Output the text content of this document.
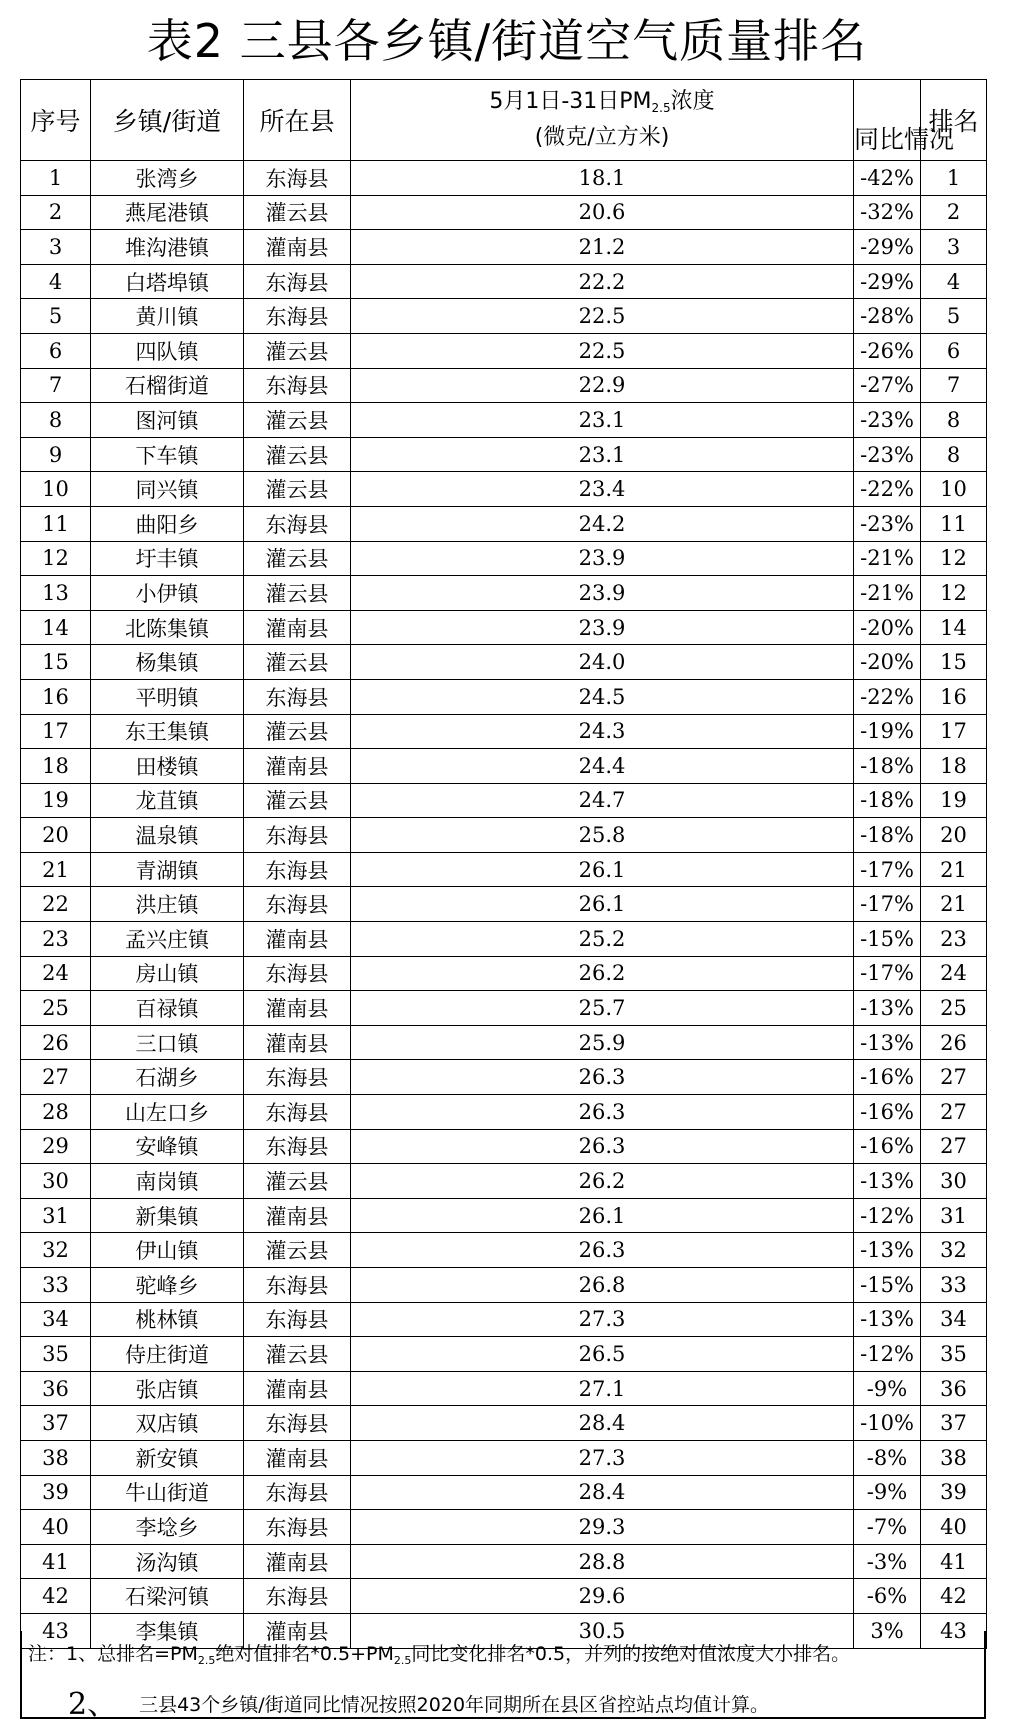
表2 三县各乡镇/街道空气质量排名
序号	乡镇/街道	所在县	5月1日-31日$PM_{2.5}$浓度
(微克/立方米)	同比情况	排名
1	张湾乡	东海县	18.1	-42%	1
2	燕尾港镇	灌云县	20.6	-32%	2
3	堆沟港镇	灌南县	21.2	-29%	3
4	白塔埠镇	东海县	22.2	-29%	4
5	黄川镇	东海县	22.5	-28%	5
6	四队镇	灌云县	22.5	-26%	6
7	石榴街道	东海县	22.9	-27%	7
8	图河镇	灌云县	23.1	-23%	8
9	下车镇	灌云县	23.1	-23%	8
10	同兴镇	灌云县	23.4	-22%	10
11	曲阳乡	东海县	24.2	-23%	11
12	圩丰镇	灌云县	23.9	-21%	12
13	小伊镇	灌云县	23.9	-21%	12
14	北陈集镇	灌南县	23.9	-20%	14
15	杨集镇	灌云县	24.0	-20%	15
16	平明镇	东海县	24.5	-22%	16
17	东王集镇	灌云县	24.3	-19%	17
18	田楼镇	灌南县	24.4	-18%	18
19	龙苴镇	灌云县	24.7	-18%	19
20	温泉镇	东海县	25.8	-18%	20
21	青湖镇	东海县	26.1	-17%	21
22	洪庄镇	东海县	26.1	-17%	21
23	孟兴庄镇	灌南县	25.2	-15%	23
24	房山镇	东海县	26.2	-17%	24
25	百禄镇	灌南县	25.7	-13%	25
26	三口镇	灌南县	25.9	-13%	26
27	石湖乡	东海县	26.3	-16%	27
28	山左口乡	东海县	26.3	-16%	27
29	安峰镇	东海县	26.3	-16%	27
30	南岗镇	灌云县	26.2	-13%	30
31	新集镇	灌南县	26.1	-12%	31
32	伊山镇	灌云县	26.3	-13%	32
33	驼峰乡	东海县	26.8	-15%	33
34	桃林镇	东海县	27.3	-13%	34
35	侍庄街道	灌云县	26.5	-12%	35
36	张店镇	灌南县	27.1	-9%	36
37	双店镇	东海县	28.4	-10%	37
38	新安镇	灌南县	27.3	-8%	38
39	牛山街道	东海县	28.4	-9%	39
40	李埝乡	东海县	29.3	-7%	40
41	汤沟镇	灌南县	28.8	-3%	41
42	石梁河镇	东海县	29.6	-6%	42
43	李集镇	灌南县	30.5	3%	43
注：1、总排名$=PM_{2.5}$绝对值排名$*0.5+PM_{2.5}$同比变化排名*0.5，并列的按绝对值浓度大小排名。
2、 三县43个乡镇/街道同比情况按照2020年同期所在县区省控站点均值计算。
